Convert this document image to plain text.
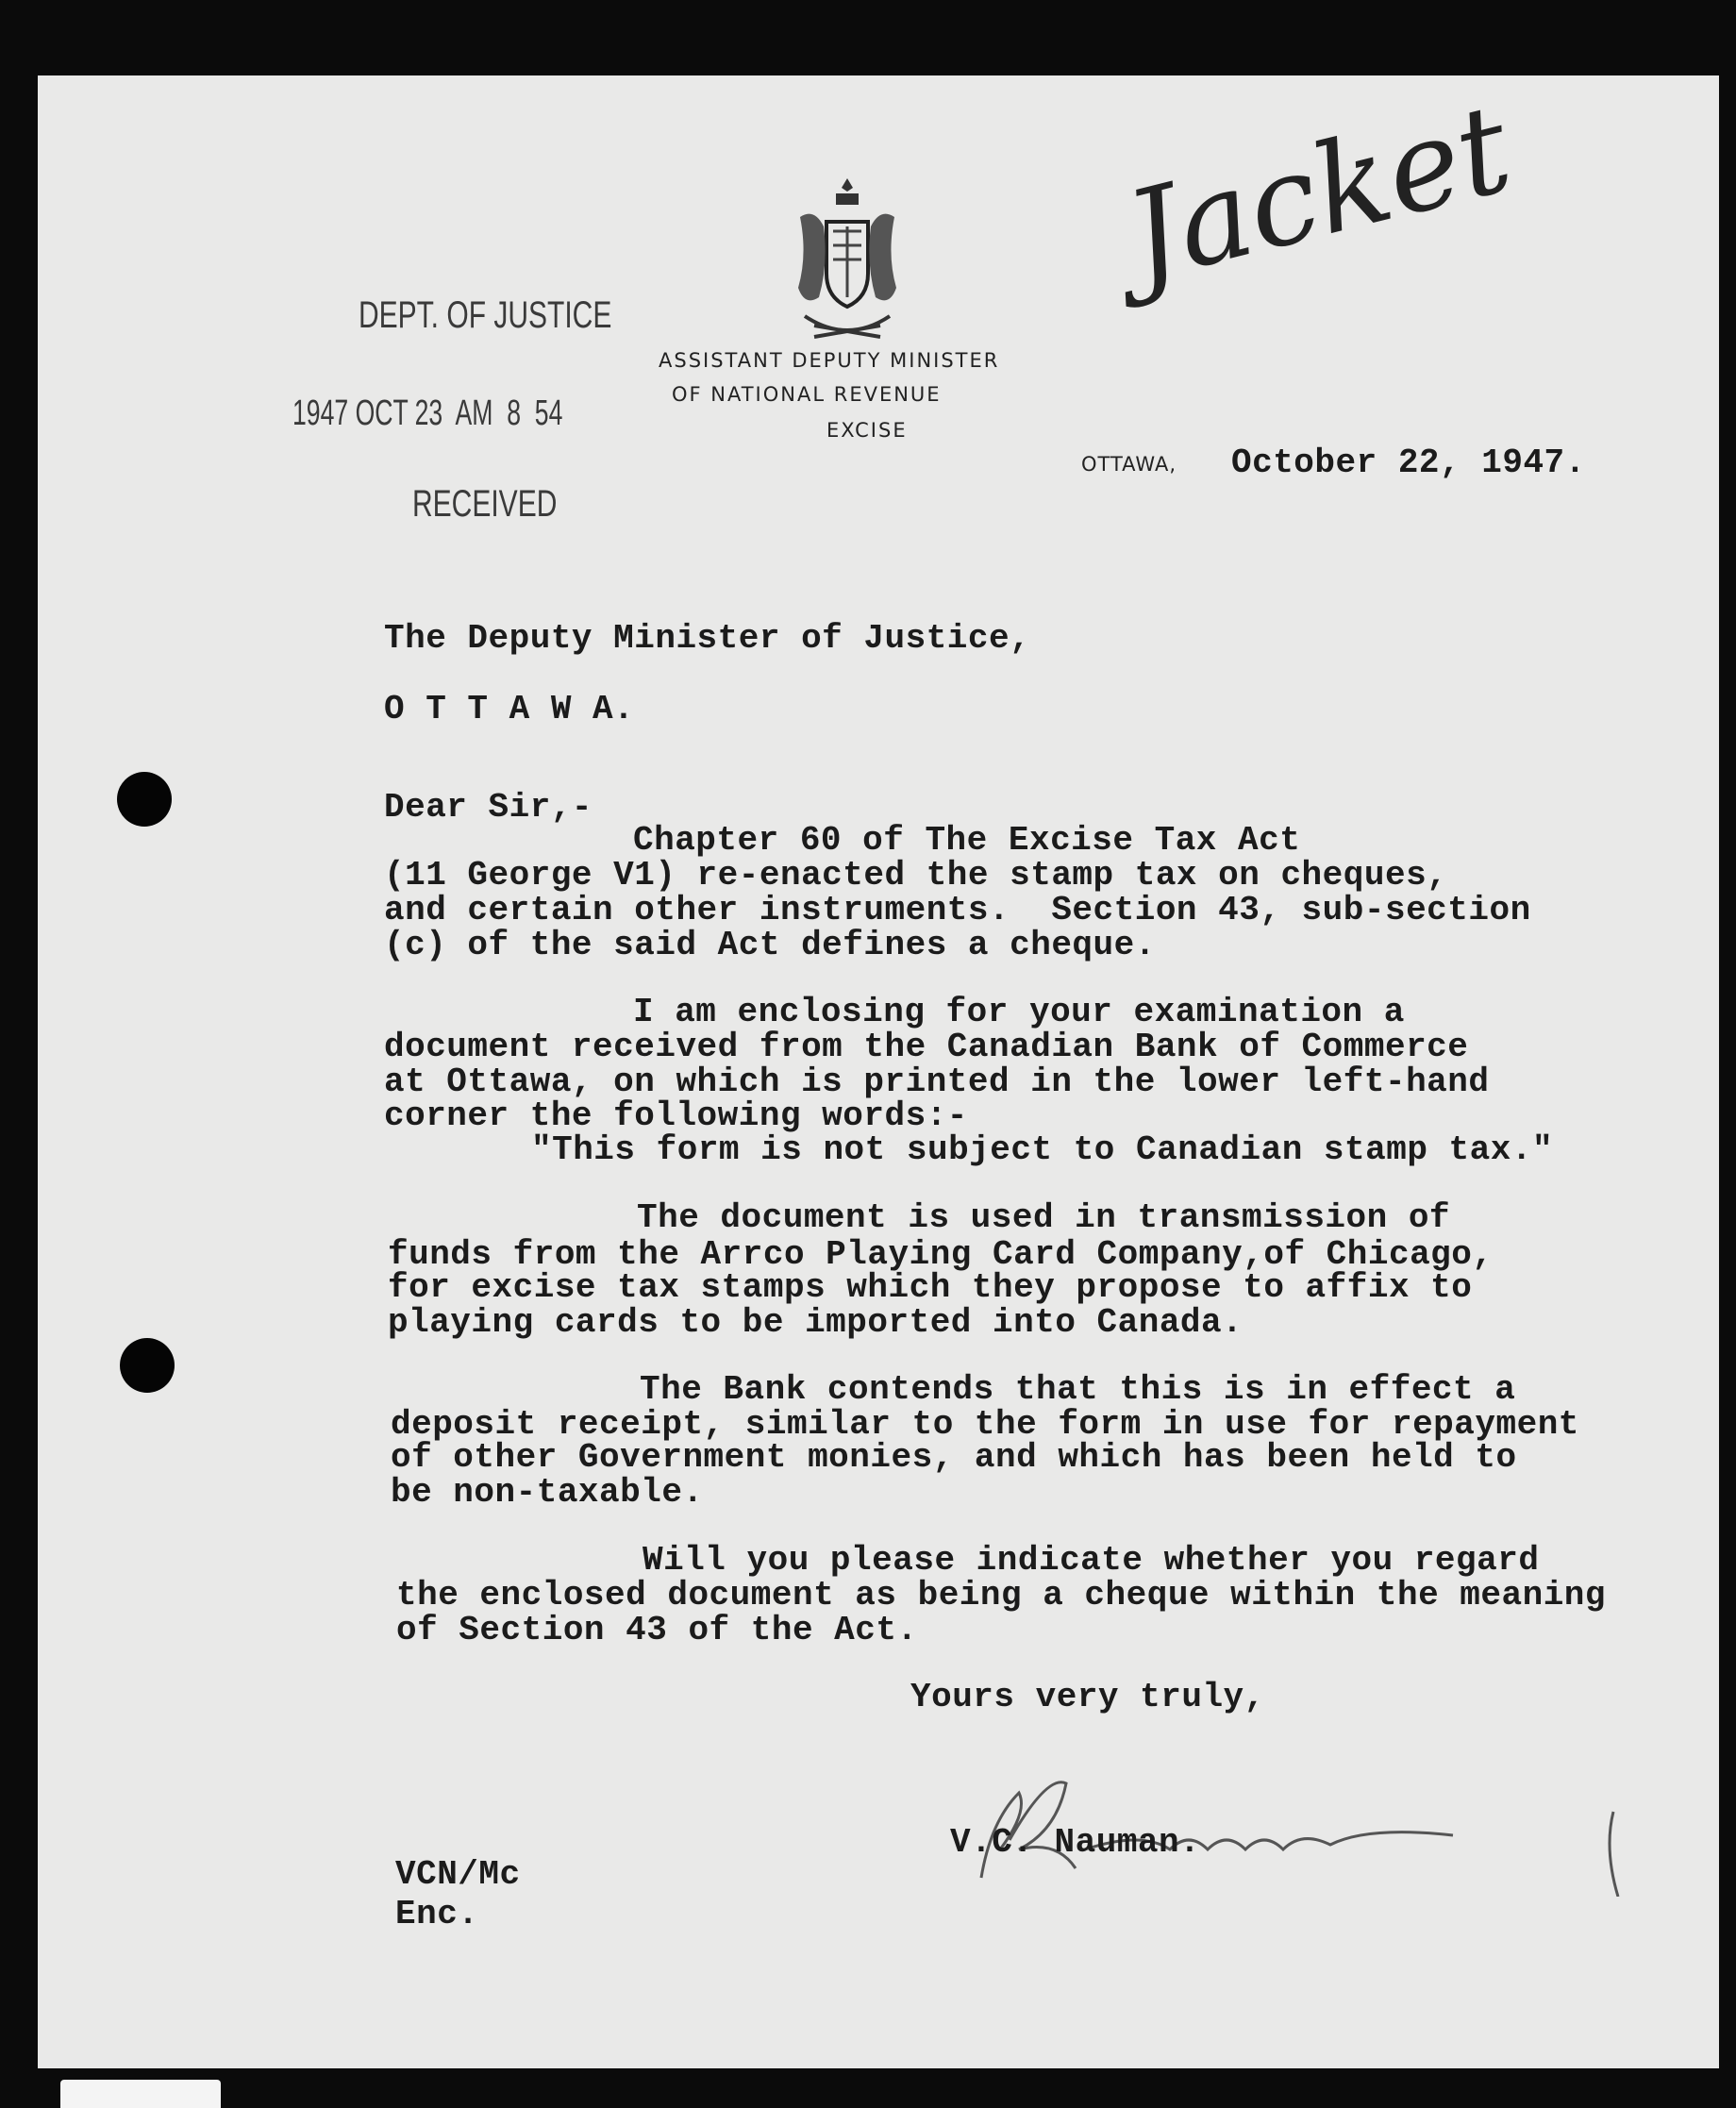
ASSISTANT DEPUTY MINISTER
OF NATIONAL REVENUE
EXCISE
DEPT. OF JUSTICE
1947 OCT 23  AM  8  54
RECEIVED
Jacket
OTTAWA, October 22, 1947.
The Deputy Minister of Justice,
O T T A W A.
Dear Sir,-
Chapter 60 of The Excise Tax Act
(11 George V1) re-enacted the stamp tax on cheques,
and certain other instruments.  Section 43, sub-section
(c) of the said Act defines a cheque.
I am enclosing for your examination a
document received from the Canadian Bank of Commerce
at Ottawa, on which is printed in the lower left-hand
corner the following words:-
"This form is not subject to Canadian stamp tax."
The document is used in transmission of
funds from the Arrco Playing Card Company,of Chicago,
for excise tax stamps which they propose to affix to
playing cards to be imported into Canada.
The Bank contends that this is in effect a
deposit receipt, similar to the form in use for repayment
of other Government monies, and which has been held to
be non-taxable.
Will you please indicate whether you regard
the enclosed document as being a cheque within the meaning
of Section 43 of the Act.
Yours very truly,
V.C. Nauman.
VCN/Mc
Enc.
